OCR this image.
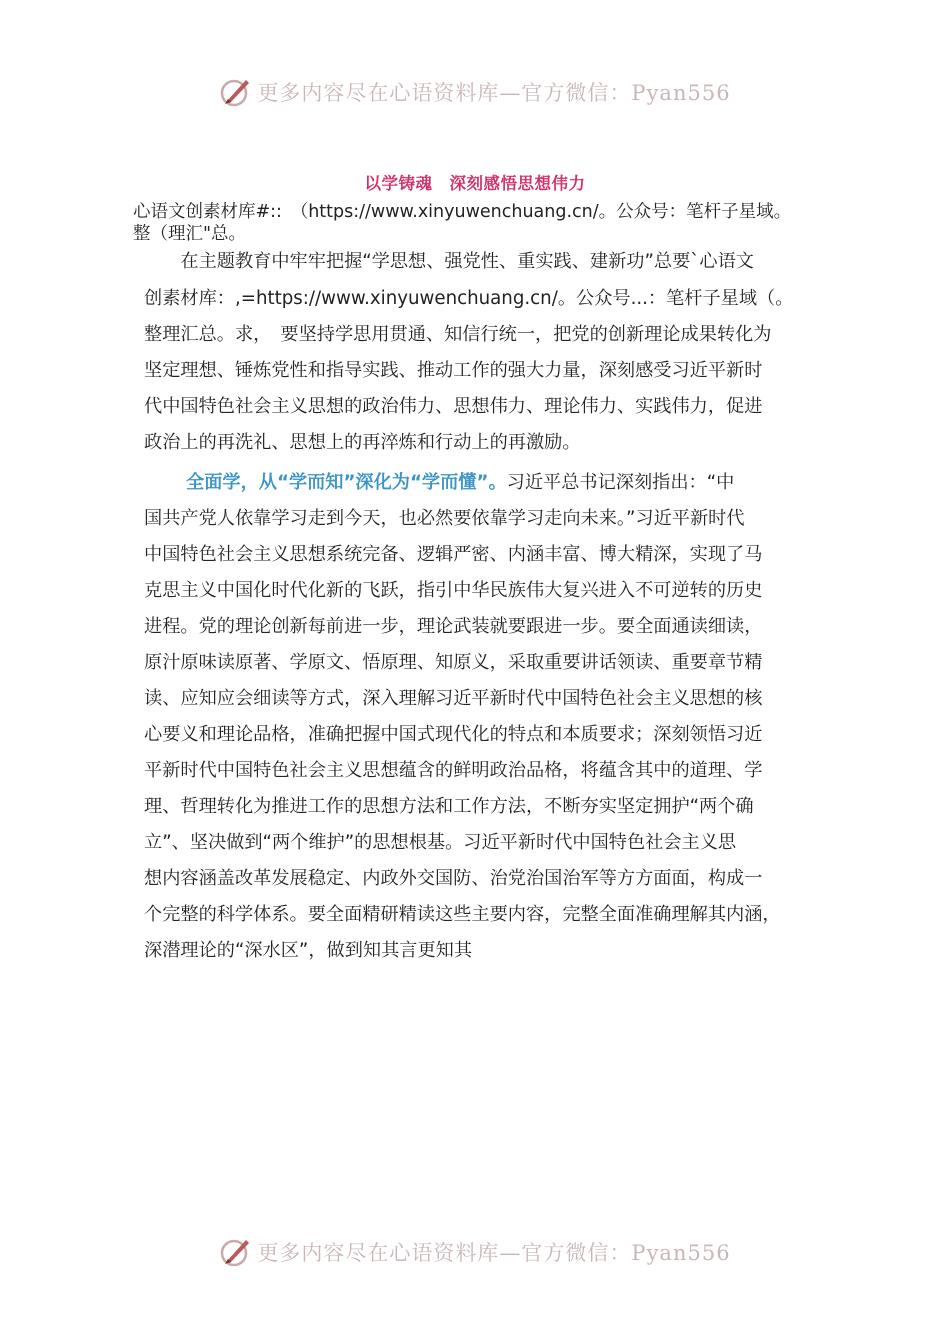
更多内容尽在心语资料库—官方微信：Pyan556
以学铸魂　深刻感悟思想伟力
心语文创素材库#::　（https://www.xinyuwenchuang.cn/。公众号：笔杆子星域。
整（理汇"总。
　　在主题教育中牢牢把握“学思想、强党性、重实践、建新功”总要`心语文
创素材库：,=https://www.xinyuwenchuang.cn/。公众号...：笔杆子星域（。
整理汇总。求，　要坚持学思用贯通、知信行统一，把党的创新理论成果转化为
坚定理想、锤炼党性和指导实践、推动工作的强大力量，深刻感受习近平新时
代中国特色社会主义思想的政治伟力、思想伟力、理论伟力、实践伟力，促进
政治上的再洗礼、思想上的再淬炼和行动上的再激励。
全面学，从“学而知”深化为“学而懂”。习近平总书记深刻指出：“中
国共产党人依靠学习走到今天，也必然要依靠学习走向未来。”习近平新时代
中国特色社会主义思想系统完备、逻辑严密、内涵丰富、博大精深，实现了马
克思主义中国化时代化新的飞跃，指引中华民族伟大复兴进入不可逆转的历史
进程。党的理论创新每前进一步，理论武装就要跟进一步。要全面通读细读，
原汁原味读原著、学原文、悟原理、知原义，采取重要讲话领读、重要章节精
读、应知应会细读等方式，深入理解习近平新时代中国特色社会主义思想的核
心要义和理论品格，准确把握中国式现代化的特点和本质要求；深刻领悟习近
平新时代中国特色社会主义思想蕴含的鲜明政治品格，将蕴含其中的道理、学
理、哲理转化为推进工作的思想方法和工作方法，不断夯实坚定拥护“两个确
立”、坚决做到“两个维护”的思想根基。习近平新时代中国特色社会主义思
想内容涵盖改革发展稳定、内政外交国防、治党治国治军等方方面面，构成一
个完整的科学体系。要全面精研精读这些主要内容，完整全面准确理解其内涵，
深潜理论的“深水区”，做到知其言更知其
更多内容尽在心语资料库—官方微信：Pyan556
